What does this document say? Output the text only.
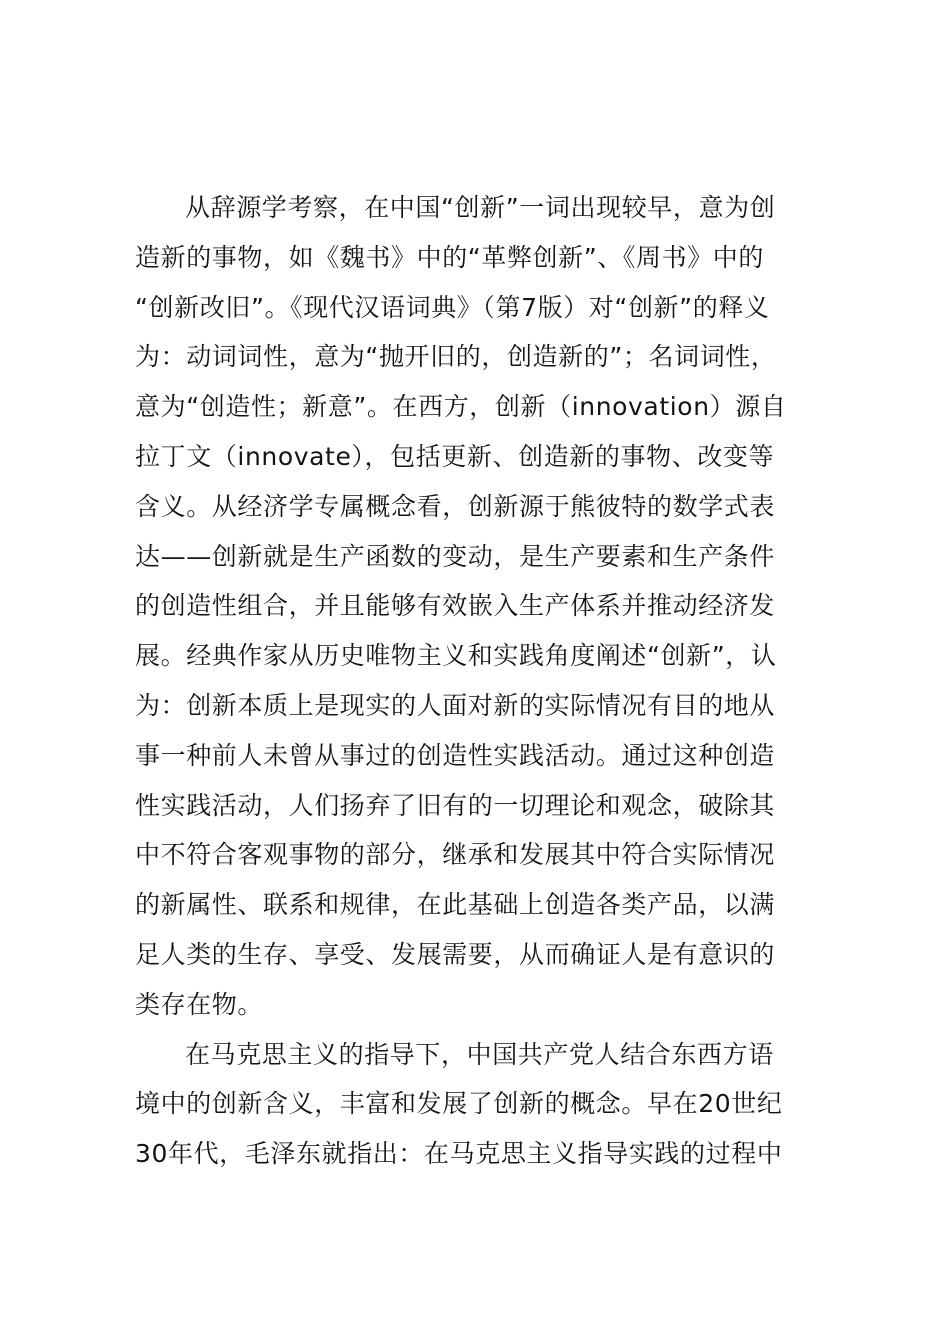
从辞源学考察，在中国“创新”一词出现较早，意为创
造新的事物，如《魏书》中的“革弊创新”、《周书》中的
“创新改旧”。《现代汉语词典》（第7版）对“创新”的释义
为：动词词性，意为“抛开旧的，创造新的”；名词词性，
意为“创造性；新意”。在西方，创新（innovation）源自
拉丁文（innovate），包括更新、创造新的事物、改变等
含义。从经济学专属概念看，创新源于熊彼特的数学式表
达——创新就是生产函数的变动，是生产要素和生产条件
的创造性组合，并且能够有效嵌入生产体系并推动经济发
展。经典作家从历史唯物主义和实践角度阐述“创新”，认
为：创新本质上是现实的人面对新的实际情况有目的地从
事一种前人未曾从事过的创造性实践活动。通过这种创造
性实践活动，人们扬弃了旧有的一切理论和观念，破除其
中不符合客观事物的部分，继承和发展其中符合实际情况
的新属性、联系和规律，在此基础上创造各类产品，以满
足人类的生存、享受、发展需要，从而确证人是有意识的
类存在物。
在马克思主义的指导下，中国共产党人结合东西方语
境中的创新含义，丰富和发展了创新的概念。早在20世纪
30年代，毛泽东就指出：在马克思主义指导实践的过程中
